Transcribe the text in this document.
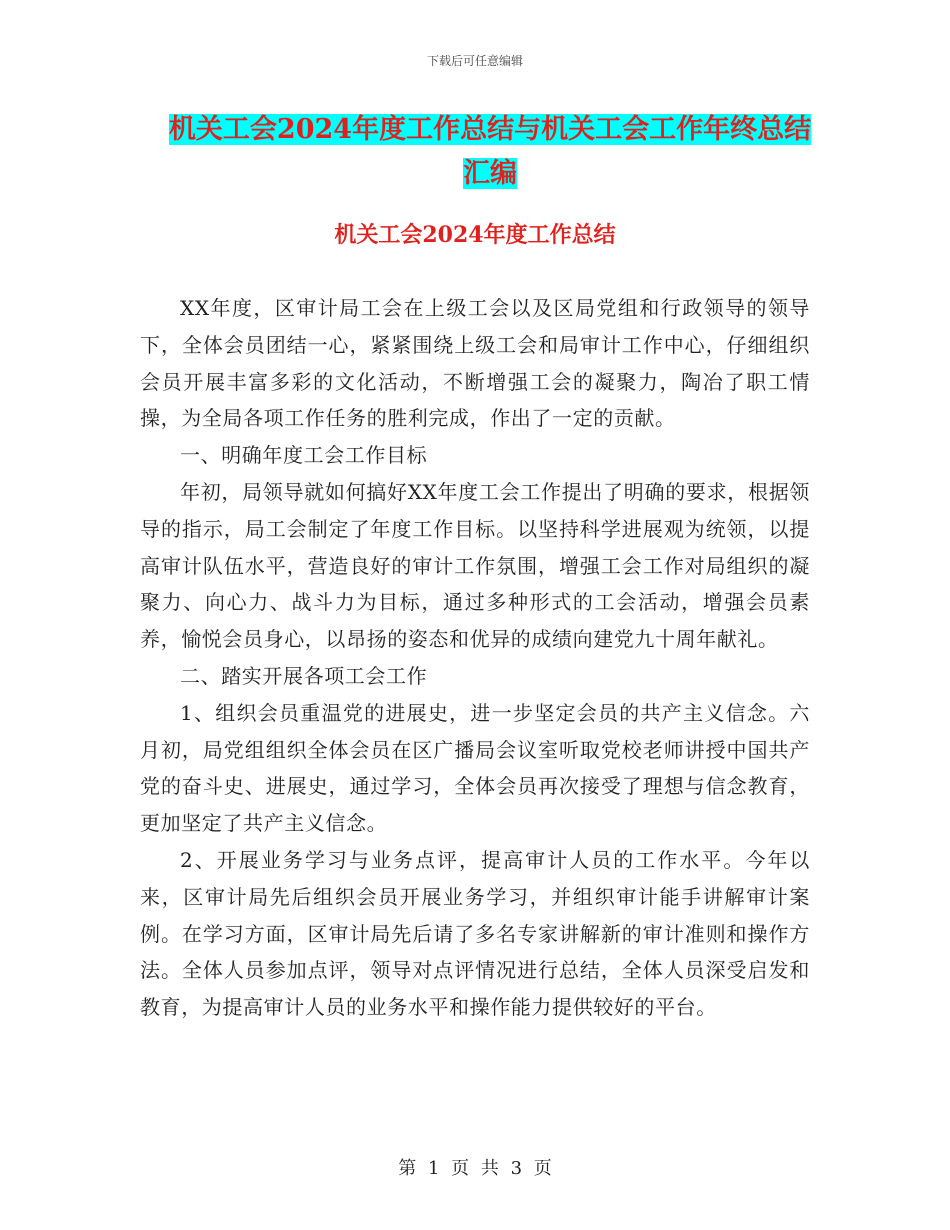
下载后可任意编辑
机关工会2024年度工作总结与机关工会工作年终总结
汇编
机关工会2024年度工作总结

XX年度，区审计局工会在上级工会以及区局党组和行政领导的领导下，全体会员团结一心，紧紧围绕上级工会和局审计工作中心，仔细组织会员开展丰富多彩的文化活动，不断增强工会的凝聚力，陶冶了职工情操，为全局各项工作任务的胜利完成，作出了一定的贡献。

一、明确年度工会工作目标

年初，局领导就如何搞好XX年度工会工作提出了明确的要求，根据领导的指示，局工会制定了年度工作目标。以坚持科学进展观为统领，以提高审计队伍水平，营造良好的审计工作氛围，增强工会工作对局组织的凝聚力、向心力、战斗力为目标，通过多种形式的工会活动，增强会员素养，愉悦会员身心，以昂扬的姿态和优异的成绩向建党九十周年献礼。

二、踏实开展各项工会工作

1、组织会员重温党的进展史，进一步坚定会员的共产主义信念。六月初，局党组组织全体会员在区广播局会议室听取党校老师讲授中国共产党的奋斗史、进展史，通过学习，全体会员再次接受了理想与信念教育，更加坚定了共产主义信念。

2、开展业务学习与业务点评，提高审计人员的工作水平。今年以来，区审计局先后组织会员开展业务学习，并组织审计能手讲解审计案例。在学习方面，区审计局先后请了多名专家讲解新的审计准则和操作方法。全体人员参加点评，领导对点评情况进行总结，全体人员深受启发和教育，为提高审计人员的业务水平和操作能力提供较好的平台。

第 1 页 共 3 页
